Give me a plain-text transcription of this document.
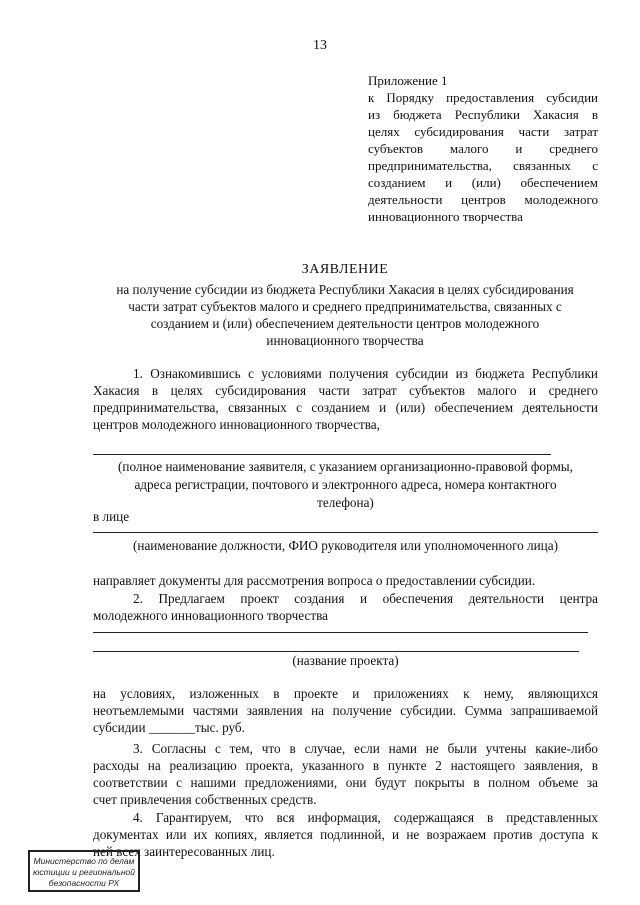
13
Приложение 1
к Порядку предоставления субсидии
из бюджета Республики Хакасия в
целях субсидирования части затрат
субъектов малого и среднего
предпринимательства, связанных с
созданием и (или) обеспечением
деятельности центров молодежного
инновационного творчества
ЗАЯВЛЕНИЕ
на получение субсидии из бюджета Республики Хакасия в целях субсидирования
части затрат субъектов малого и среднего предпринимательства, связанных с
созданием и (или) обеспечением деятельности центров молодежного
инновационного творчества
1. Ознакомившись с условиями получения субсидии из бюджета Республики
Хакасия в целях субсидирования части затрат субъектов малого и среднего
предпринимательства, связанных с созданием и (или) обеспечением деятельности
центров молодежного инновационного творчества,
(полное наименование заявителя, с указанием организационно-правовой формы,
адреса регистрации, почтового и электронного адреса, номера контактного
телефона)
в лице
(наименование должности, ФИО руководителя или уполномоченного лица)
направляет документы для рассмотрения вопроса о предоставлении субсидии.
2. Предлагаем проект создания и обеспечения деятельности центра
молодежного инновационного творчества
(название проекта)
на условиях, изложенных в проекте и приложениях к нему, являющихся
неотъемлемыми частями заявления на получение субсидии. Сумма запрашиваемой
субсидии _______тыс. руб.
3. Согласны с тем, что в случае, если нами не были учтены какие-либо
расходы на реализацию проекта, указанного в пункте 2 настоящего заявления, в
соответствии с нашими предложениями, они будут покрыты в полном объеме за
счет привлечения собственных средств.
4. Гарантируем, что вся информация, содержащаяся в представленных
документах или их копиях, является подлинной, и не возражаем против доступа к
ней всех заинтересованных лиц.
Министерство по делам
юстиции и региональной
безопасности РХ
